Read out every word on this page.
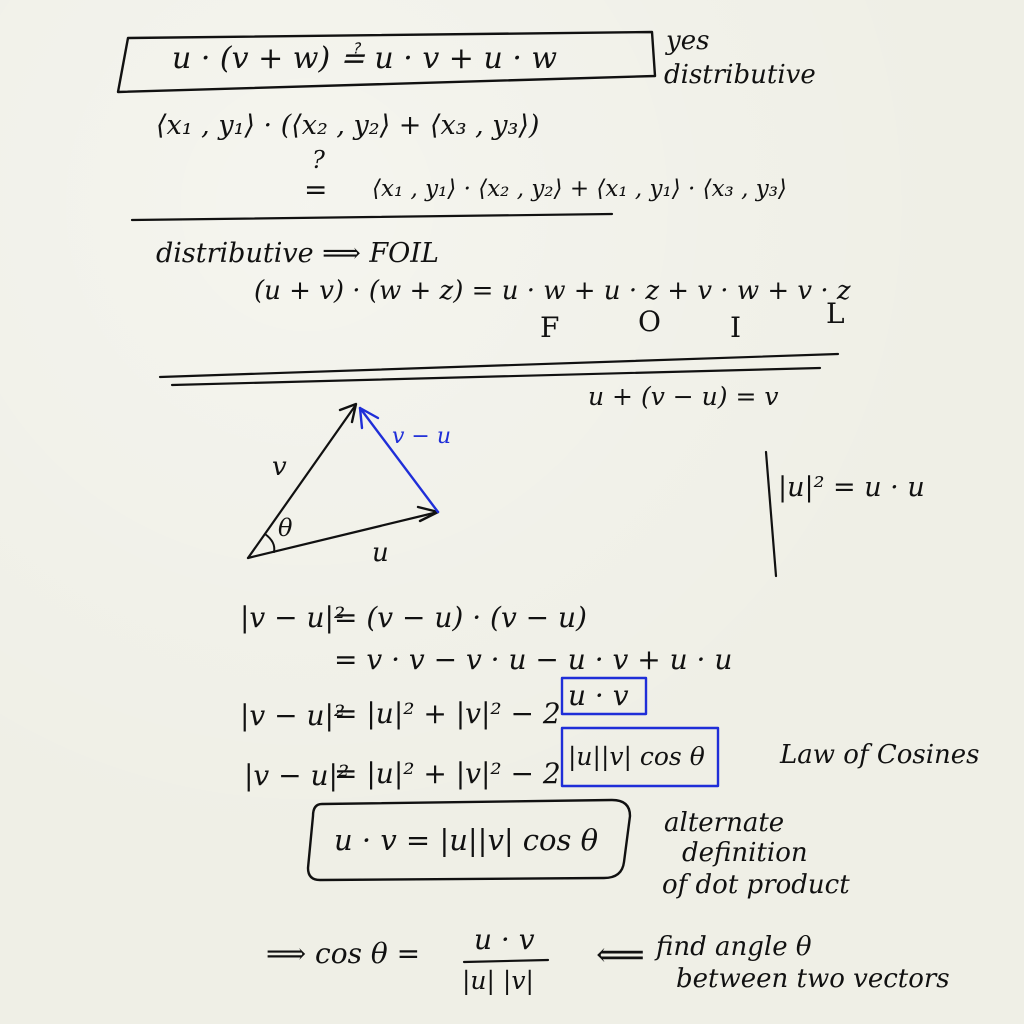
u · (v + w) ≟ u · v + u · w	yes
distributive
⟨x₁ , y₁⟩ · (⟨x₂ , y₂⟩ + ⟨x₃ , y₃⟩)
?
= ⟨x₁ , y₁⟩ · ⟨x₂ , y₂⟩ + ⟨x₁ , y₁⟩ · ⟨x₃ , y₃⟩
distributive ⟹ FOIL
(u + v) · (w + z) = u · w + u · z + v · w + v · z
F	O I	L
u + (v − u) = v
v
u
v − u
θ
|u|² = u · u
|v − u|²
= (v − u) · (v − u)
= v · v − v · u − u · v + u · u
|v − u|²
= |u|² + |v|² − 2
u · v
|v − u|²
= |u|² + |v|² − 2
|u||v| cos θ	Law of Cosines
u · v = |u||v| cos θ	alternate
definition
of dot product
⟹ cos θ = u · v
|u| |v|
⟸ find angle θ
between two vectors
